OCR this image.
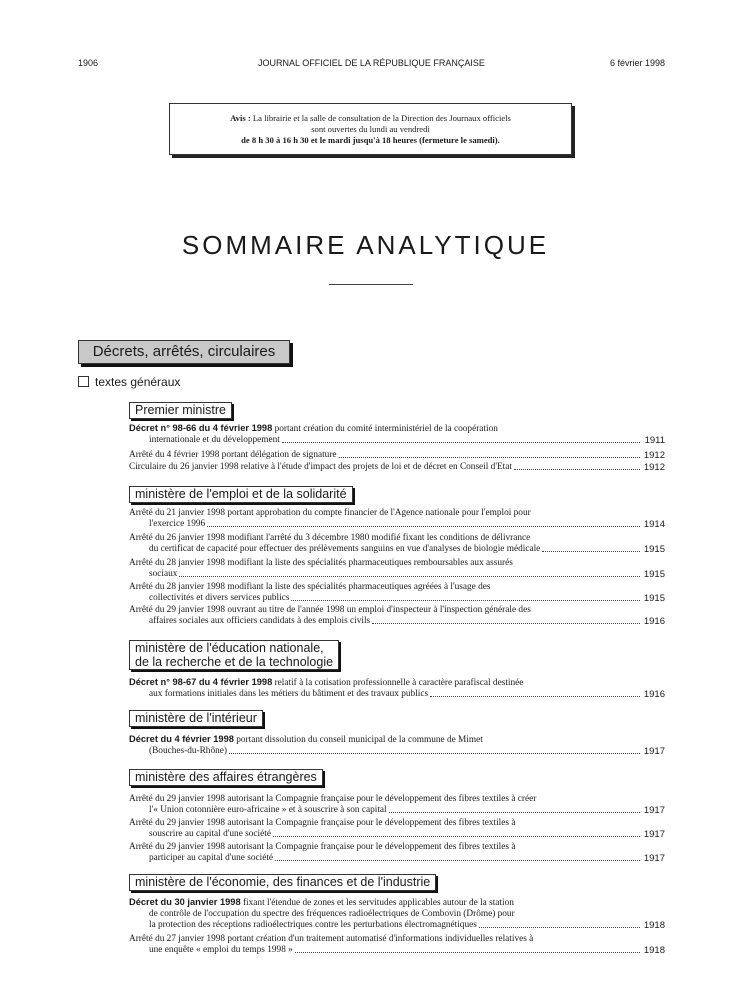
1906	JOURNAL OFFICIEL DE LA RÉPUBLIQUE FRANÇAISE	6 février 1998
Avis : La librairie et la salle de consultation de la Direction des Journaux officiels
sont ouvertes du lundi au vendredi
de 8 h 30 à 16 h 30 et le mardi jusqu'à 18 heures (fermeture le samedi).
SOMMAIRE ANALYTIQUE
Décrets, arrêtés, circulaires
textes généraux
Premier ministre
Décret n° 98-66 du 4 février 1998 portant création du comité interministériel de la coopération
internationale et du développement	1911
Arrêté du 4 février 1998 portant délégation de signature	1912
Circulaire du 26 janvier 1998 relative à l'étude d'impact des projets de loi et de décret en Conseil d'Etat	1912
ministère de l'emploi et de la solidarité
Arrêté du 21 janvier 1998 portant approbation du compte financier de l'Agence nationale pour l'emploi pour
l'exercice 1996	1914
Arrêté du 26 janvier 1998 modifiant l'arrêté du 3 décembre 1980 modifié fixant les conditions de délivrance
du certificat de capacité pour effectuer des prélèvements sanguins en vue d'analyses de biologie médicale	1915
Arrêté du 28 janvier 1998 modifiant la liste des spécialités pharmaceutiques remboursables aux assurés
sociaux	1915
Arrêté du 28 janvier 1998 modifiant la liste des spécialités pharmaceutiques agréées à l'usage des
collectivités et divers services publics	1915
Arrêté du 29 janvier 1998 ouvrant au titre de l'année 1998 un emploi d'inspecteur à l'inspection générale des
affaires sociales aux officiers candidats à des emplois civils	1916
ministère de l'éducation nationale,
de la recherche et de la technologie
Décret n° 98-67 du 4 février 1998 relatif à la cotisation professionnelle à caractère parafiscal destinée
aux formations initiales dans les métiers du bâtiment et des travaux publics	1916
ministère de l'intérieur
Décret du 4 février 1998 portant dissolution du conseil municipal de la commune de Mimet
(Bouches-du-Rhône)	1917
ministère des affaires étrangères
Arrêté du 29 janvier 1998 autorisant la Compagnie française pour le développement des fibres textiles à créer
l'« Union cotonnière euro-africaine » et à souscrire à son capital	1917
Arrêté du 29 janvier 1998 autorisant la Compagnie française pour le développement des fibres textiles à
souscrire au capital d'une société	1917
Arrêté du 29 janvier 1998 autorisant la Compagnie française pour le développement des fibres textiles à
participer au capital d'une société	1917
ministère de l'économie, des finances et de l'industrie
Décret du 30 janvier 1998 fixant l'étendue de zones et les servitudes applicables autour de la station
de contrôle de l'occupation du spectre des fréquences radioélectriques de Combovin (Drôme) pour
la protection des réceptions radioélectriques contre les perturbations électromagnétiques	1918
Arrêté du 27 janvier 1998 portant création d'un traitement automatisé d'informations individuelles relatives à
une enquête « emploi du temps 1998 »	1918
